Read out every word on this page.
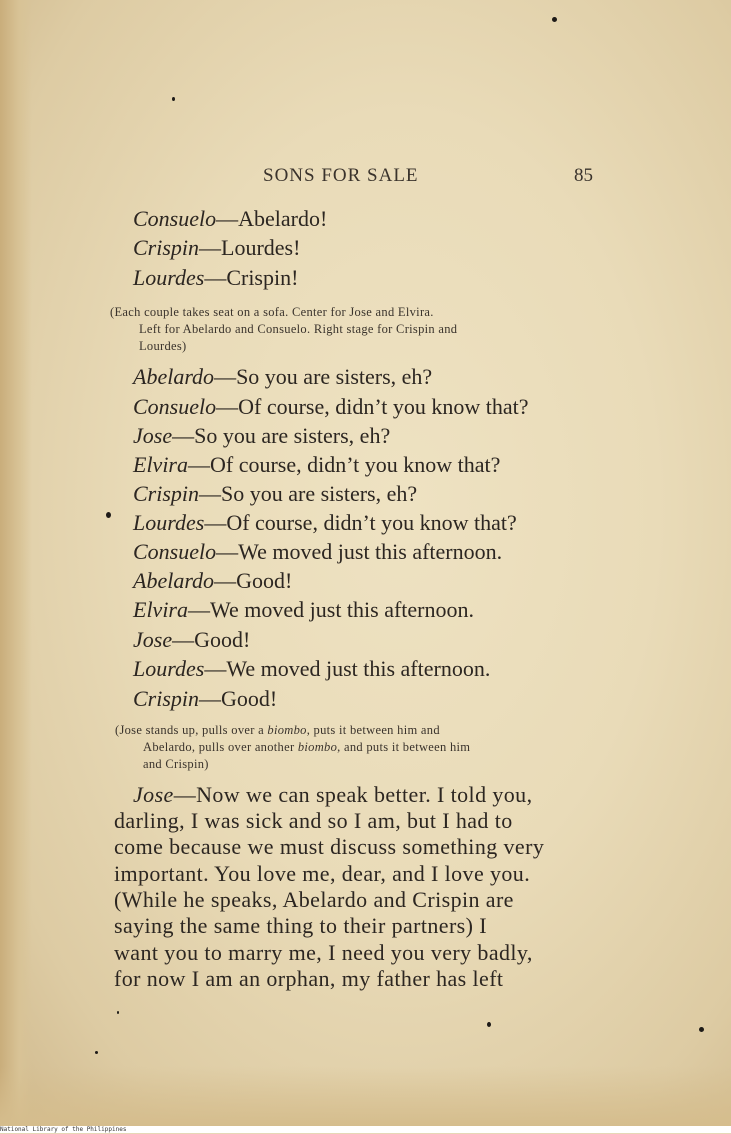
SONS FOR SALE	85
Consuelo—Abelardo!
Crispin—Lourdes!
Lourdes—Crispin!
(Each couple takes seat on a sofa. Center for Jose and Elvira.
Left for Abelardo and Consuelo. Right stage for Crispin and
Lourdes)
Abelardo—So you are sisters, eh?
Consuelo—Of course, didn’t you know that?
Jose—So you are sisters, eh?
Elvira—Of course, didn’t you know that?
Crispin—So you are sisters, eh?
Lourdes—Of course, didn’t you know that?
Consuelo—We moved just this afternoon.
Abelardo—Good!
Elvira—We moved just this afternoon.
Jose—Good!
Lourdes—We moved just this afternoon.
Crispin—Good!
(Jose stands up, pulls over a biombo, puts it between him and
Abelardo, pulls over another biombo, and puts it between him
and Crispin)
Jose—Now we can speak better. I told you,
darling, I was sick and so I am, but I had to
come because we must discuss something very
important. You love me, dear, and I love you.
(While he speaks, Abelardo and Crispin are
saying the same thing to their partners) I
want you to marry me, I need you very badly,
for now I am an orphan, my father has left
National Library of the Philippines
